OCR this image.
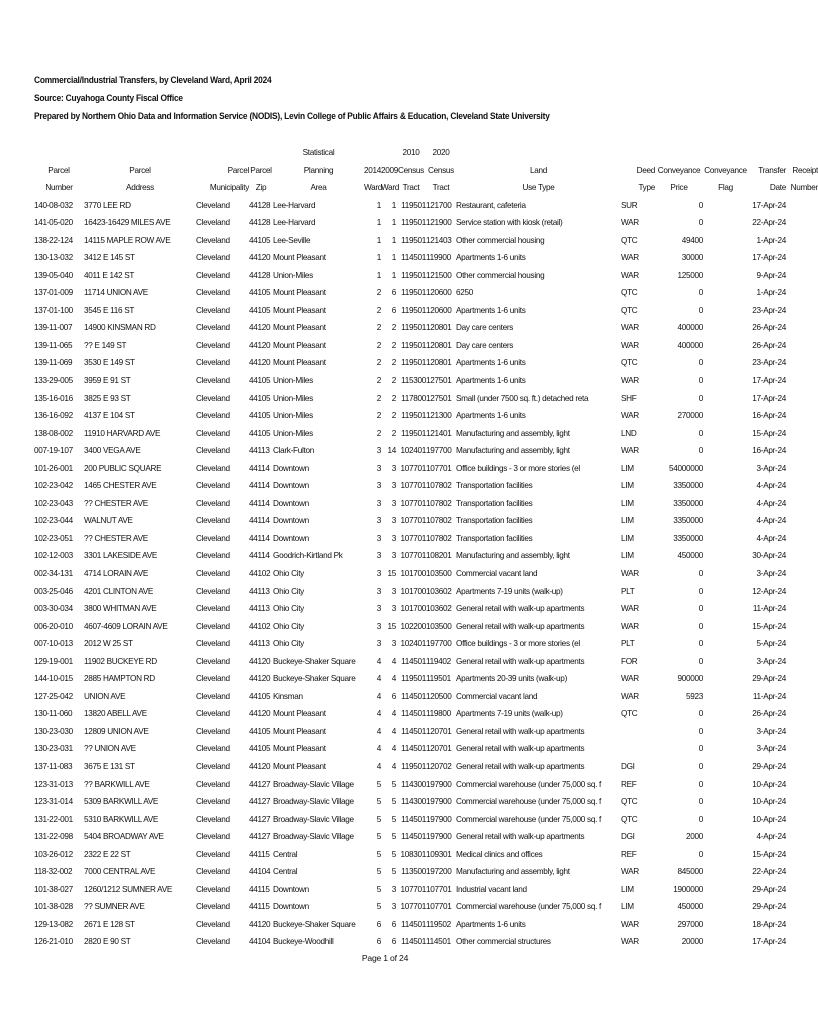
Commercial/Industrial Transfers, by Cleveland Ward, April 2024
Source: Cuyahoga County Fiscal Office
Prepared by Northern Ohio Data and Information Service (NODIS), Levin College of Public Affairs & Education, Cleveland State University
				Statistical			2010	2020						
Parcel	Parcel	Parcel	Parcel	Planning	2014	2009	Census	Census	Land	Deed	Conveyance	Conveyance	Transfer	Receipt
Number	Address	Municipality	Zip	Area	Ward	Ward	Tract	Tract	Use Type	Type	Price	Flag	Date	Number
140-08-032	3770 LEE RD	Cleveland	44128	Lee-Harvard	1	1	119501	121700	Restaurant, cafeteria	SUR	0		17-Apr-24	
141-05-020	16423-16429 MILES AVE	Cleveland	44128	Lee-Harvard	1	1	119501	121900	Service station with kiosk (retail)	WAR	0		22-Apr-24	
138-22-124	14115 MAPLE ROW AVE	Cleveland	44105	Lee-Seville	1	1	119501	121403	Other commercial housing	QTC	49400		1-Apr-24	
130-13-032	3412 E 145 ST	Cleveland	44120	Mount Pleasant	1	1	114501	119900	Apartments 1-6 units	WAR	30000		17-Apr-24	
139-05-040	4011 E 142 ST	Cleveland	44128	Union-Miles	1	1	119501	121500	Other commercial housing	WAR	125000		9-Apr-24	
137-01-009	11714 UNION AVE	Cleveland	44105	Mount Pleasant	2	6	119501	120600	6250	QTC	0		1-Apr-24	
137-01-100	3545 E 116 ST	Cleveland	44105	Mount Pleasant	2	6	119501	120600	Apartments 1-6 units	QTC	0		23-Apr-24	
139-11-007	14900 KINSMAN RD	Cleveland	44120	Mount Pleasant	2	2	119501	120801	Day care centers	WAR	400000		26-Apr-24	
139-11-065	?? E 149 ST	Cleveland	44120	Mount Pleasant	2	2	119501	120801	Day care centers	WAR	400000		26-Apr-24	
139-11-069	3530 E 149 ST	Cleveland	44120	Mount Pleasant	2	2	119501	120801	Apartments 1-6 units	QTC	0		23-Apr-24	
133-29-005	3959 E 91 ST	Cleveland	44105	Union-Miles	2	2	115300	127501	Apartments 1-6 units	WAR	0		17-Apr-24	
135-16-016	3825 E 93 ST	Cleveland	44105	Union-Miles	2	2	117800	127501	Small (under 7500 sq. ft.) detached reta	SHF	0		17-Apr-24	
136-16-092	4137 E 104 ST	Cleveland	44105	Union-Miles	2	2	119501	121300	Apartments 1-6 units	WAR	270000		16-Apr-24	
138-08-002	11910 HARVARD AVE	Cleveland	44105	Union-Miles	2	2	119501	121401	Manufacturing and assembly, light	LND	0		15-Apr-24	
007-19-107	3400 VEGA AVE	Cleveland	44113	Clark-Fulton	3	14	102401	197700	Manufacturing and assembly, light	WAR	0		16-Apr-24	
101-26-001	200 PUBLIC SQUARE	Cleveland	44114	Downtown	3	3	107701	107701	Office buildings - 3 or more stories (el	LIM	54000000		3-Apr-24	
102-23-042	1465 CHESTER AVE	Cleveland	44114	Downtown	3	3	107701	107802	Transportation facilities	LIM	3350000		4-Apr-24	
102-23-043	?? CHESTER AVE	Cleveland	44114	Downtown	3	3	107701	107802	Transportation facilities	LIM	3350000		4-Apr-24	
102-23-044	WALNUT AVE	Cleveland	44114	Downtown	3	3	107701	107802	Transportation facilities	LIM	3350000		4-Apr-24	
102-23-051	?? CHESTER AVE	Cleveland	44114	Downtown	3	3	107701	107802	Transportation facilities	LIM	3350000		4-Apr-24	
102-12-003	3301 LAKESIDE AVE	Cleveland	44114	Goodrich-Kirtland Pk	3	3	107701	108201	Manufacturing and assembly, light	LIM	450000		30-Apr-24	
002-34-131	4714 LORAIN AVE	Cleveland	44102	Ohio City	3	15	101700	103500	Commercial vacant land	WAR	0		3-Apr-24	
003-25-046	4201 CLINTON AVE	Cleveland	44113	Ohio City	3	3	101700	103602	Apartments 7-19 units (walk-up)	PLT	0		12-Apr-24	
003-30-034	3800 WHITMAN AVE	Cleveland	44113	Ohio City	3	3	101700	103602	General retail with walk-up apartments	WAR	0		11-Apr-24	
006-20-010	4607-4609 LORAIN AVE	Cleveland	44102	Ohio City	3	15	102200	103500	General retail with walk-up apartments	WAR	0		15-Apr-24	
007-10-013	2012 W 25 ST	Cleveland	44113	Ohio City	3	3	102401	197700	Office buildings - 3 or more stories (el	PLT	0		5-Apr-24	
129-19-001	11902 BUCKEYE RD	Cleveland	44120	Buckeye-Shaker Square	4	4	114501	119402	General retail with walk-up apartments	FOR	0		3-Apr-24	
144-10-015	2885 HAMPTON RD	Cleveland	44120	Buckeye-Shaker Square	4	4	119501	119501	Apartments 20-39 units (walk-up)	WAR	900000		29-Apr-24	
127-25-042	UNION AVE	Cleveland	44105	Kinsman	4	6	114501	120500	Commercial vacant land	WAR	5923		11-Apr-24	
130-11-060	13820 ABELL AVE	Cleveland	44120	Mount Pleasant	4	4	114501	119800	Apartments 7-19 units (walk-up)	QTC	0		26-Apr-24	
130-23-030	12809 UNION AVE	Cleveland	44105	Mount Pleasant	4	4	114501	120701	General retail with walk-up apartments		0		3-Apr-24	
130-23-031	?? UNION AVE	Cleveland	44105	Mount Pleasant	4	4	114501	120701	General retail with walk-up apartments		0		3-Apr-24	
137-11-083	3675 E 131 ST	Cleveland	44120	Mount Pleasant	4	4	119501	120702	General retail with walk-up apartments	DGI	0		29-Apr-24	
123-31-013	?? BARKWILL AVE	Cleveland	44127	Broadway-Slavic Village	5	5	114300	197900	Commercial warehouse (under 75,000 sq. f	REF	0		10-Apr-24	
123-31-014	5309 BARKWILL AVE	Cleveland	44127	Broadway-Slavic Village	5	5	114300	197900	Commercial warehouse (under 75,000 sq. f	QTC	0		10-Apr-24	
131-22-001	5310 BARKWILL AVE	Cleveland	44127	Broadway-Slavic Village	5	5	114501	197900	Commercial warehouse (under 75,000 sq. f	QTC	0		10-Apr-24	
131-22-098	5404 BROADWAY AVE	Cleveland	44127	Broadway-Slavic Village	5	5	114501	197900	General retail with walk-up apartments	DGI	2000		4-Apr-24	
103-26-012	2322 E 22 ST	Cleveland	44115	Central	5	5	108301	109301	Medical clinics and offices	REF	0		15-Apr-24	
118-32-002	7000 CENTRAL AVE	Cleveland	44104	Central	5	5	113500	197200	Manufacturing and assembly, light	WAR	845000		22-Apr-24	
101-38-027	1260/1212 SUMNER AVE	Cleveland	44115	Downtown	5	3	107701	107701	Industrial vacant land	LIM	1900000		29-Apr-24	
101-38-028	?? SUMNER AVE	Cleveland	44115	Downtown	5	3	107701	107701	Commercial warehouse (under 75,000 sq. f	LIM	450000		29-Apr-24	
129-13-082	2671 E 128 ST	Cleveland	44120	Buckeye-Shaker Square	6	6	114501	119502	Apartments 1-6 units	WAR	297000		18-Apr-24	
126-21-010	2820 E 90 ST	Cleveland	44104	Buckeye-Woodhill	6	6	114501	114501	Other commercial structures	WAR	20000		17-Apr-24	
Page 1 of 24
